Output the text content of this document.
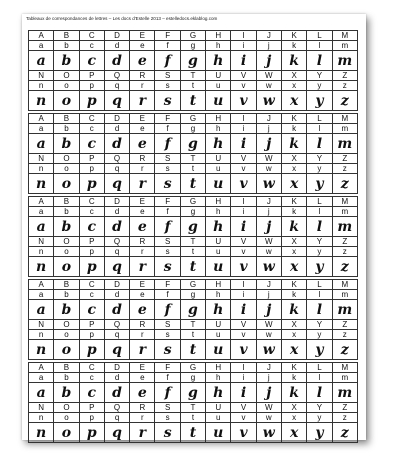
Tableaux de correspondances de lettres – Les docs d'Estelle 2013 – estelledocs.eklablog.com
A	B	C	D	E	F	G	H	I	J	K	L	M
a	b	c	d	e	f	g	h	i	j	k	l	m
a	b	c	d	e	f	g	h	i	j	k	l	m
N	O	P	Q	R	S	T	U	V	W	X	Y	Z
n	o	p	q	r	s	t	u	v	w	x	y	z
n	o	p	q	r	s	t	u	v	w	x	y	z
A	B	C	D	E	F	G	H	I	J	K	L	M
a	b	c	d	e	f	g	h	i	j	k	l	m
a	b	c	d	e	f	g	h	i	j	k	l	m
N	O	P	Q	R	S	T	U	V	W	X	Y	Z
n	o	p	q	r	s	t	u	v	w	x	y	z
n	o	p	q	r	s	t	u	v	w	x	y	z
A	B	C	D	E	F	G	H	I	J	K	L	M
a	b	c	d	e	f	g	h	i	j	k	l	m
a	b	c	d	e	f	g	h	i	j	k	l	m
N	O	P	Q	R	S	T	U	V	W	X	Y	Z
n	o	p	q	r	s	t	u	v	w	x	y	z
n	o	p	q	r	s	t	u	v	w	x	y	z
A	B	C	D	E	F	G	H	I	J	K	L	M
a	b	c	d	e	f	g	h	i	j	k	l	m
a	b	c	d	e	f	g	h	i	j	k	l	m
N	O	P	Q	R	S	T	U	V	W	X	Y	Z
n	o	p	q	r	s	t	u	v	w	x	y	z
n	o	p	q	r	s	t	u	v	w	x	y	z
A	B	C	D	E	F	G	H	I	J	K	L	M
a	b	c	d	e	f	g	h	i	j	k	l	m
a	b	c	d	e	f	g	h	i	j	k	l	m
N	O	P	Q	R	S	T	U	V	W	X	Y	Z
n	o	p	q	r	s	t	u	v	w	x	y	z
n	o	p	q	r	s	t	u	v	w	x	y	z
